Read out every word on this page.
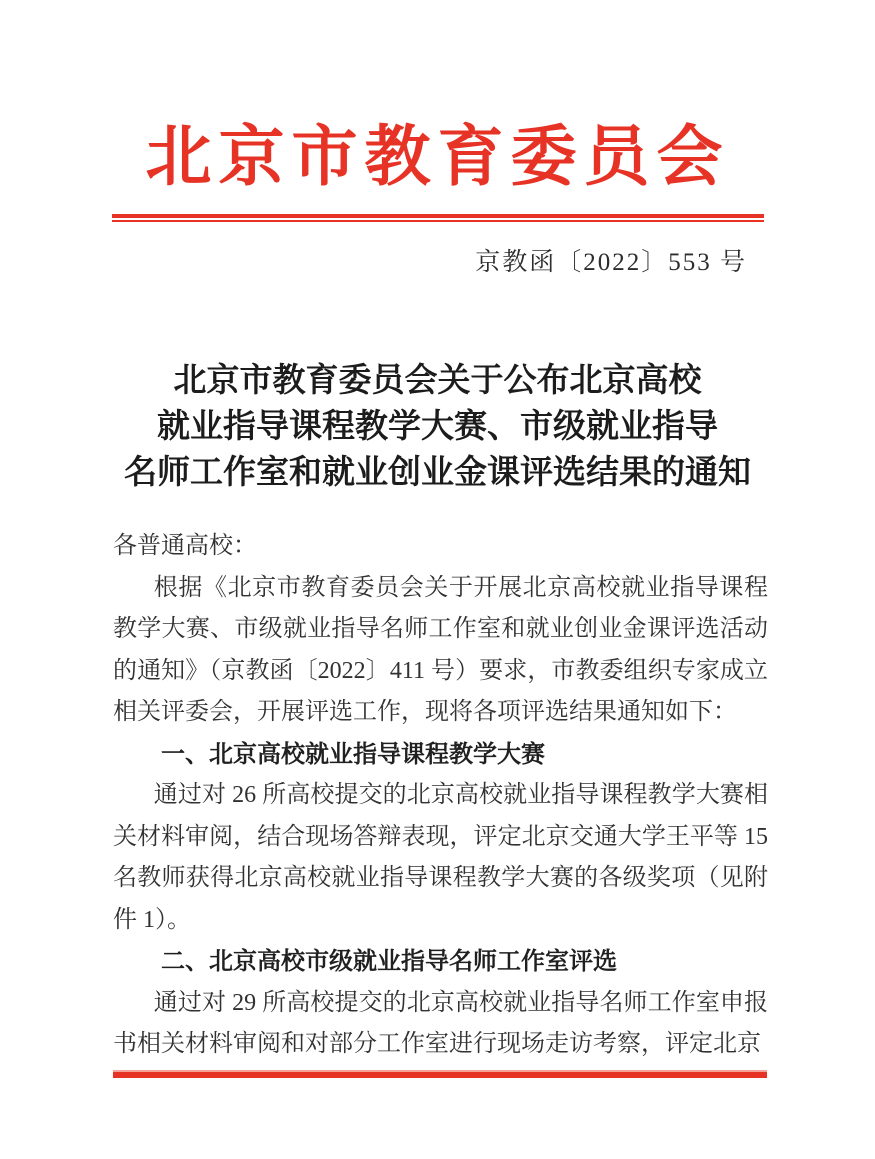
北京市教育委员会
京教函〔2022〕553 号
北京市教育委员会关于公布北京高校
就业指导课程教学大赛、市级就业指导
名师工作室和就业创业金课评选结果的通知

各普通高校：

根据《北京市教育委员会关于开展北京高校就业指导课程教学大赛、市级就业指导名师工作室和就业创业金课评选活动的通知》（京教函〔2022〕411 号）要求，市教委组织专家成立相关评委会，开展评选工作，现将各项评选结果通知如下：

一、北京高校就业指导课程教学大赛

通过对 26 所高校提交的北京高校就业指导课程教学大赛相关材料审阅，结合现场答辩表现，评定北京交通大学王平等 15 名教师获得北京高校就业指导课程教学大赛的各级奖项（见附件 1）。

二、北京高校市级就业指导名师工作室评选

通过对 29 所高校提交的北京高校就业指导名师工作室申报书相关材料审阅和对部分工作室进行现场走访考察，评定北京
